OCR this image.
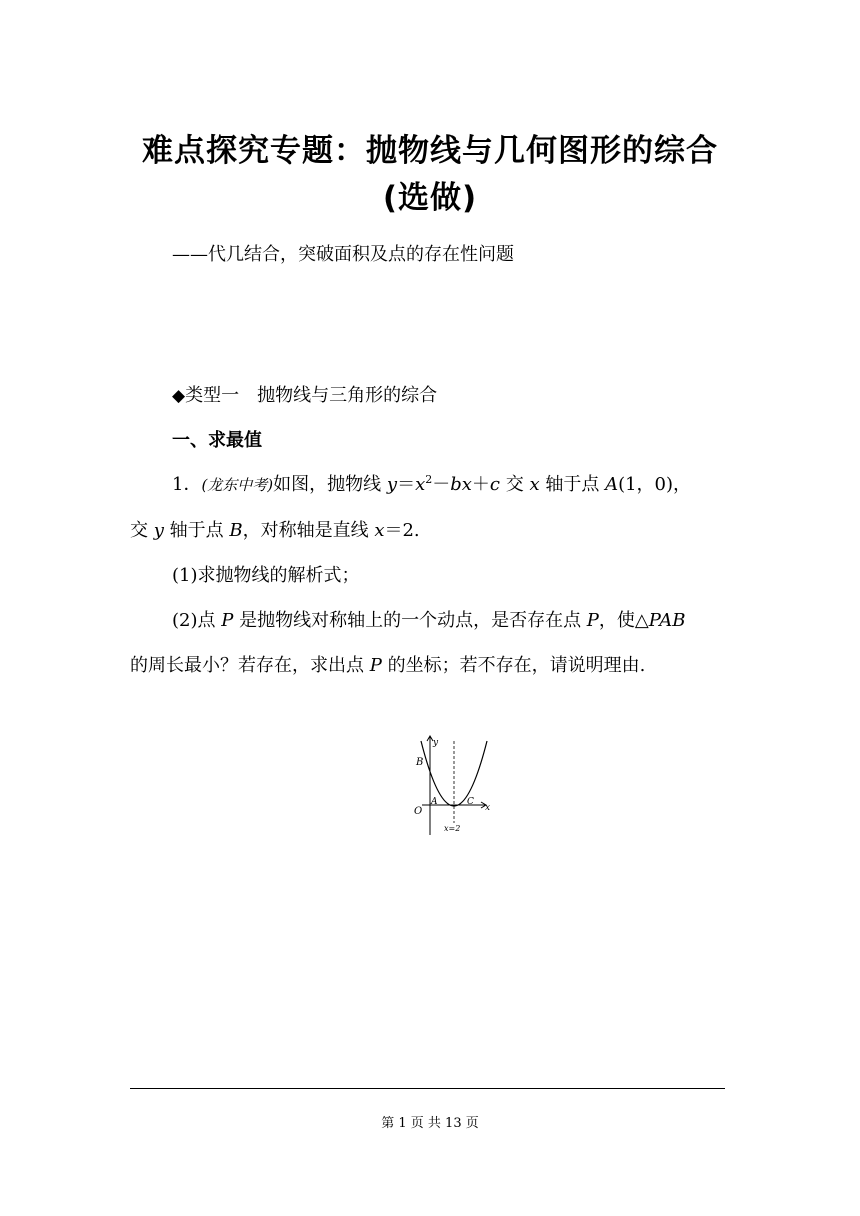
难点探究专题：抛物线与几何图形的综合
(选做)
——代几结合，突破面积及点的存在性问题
◆类型一　抛物线与三角形的综合
一、求最值
1．(龙东中考)如图，抛物线 $y=x^2-bx+c$ 交 x 轴于点 A(1，0)，
交 y 轴于点 B，对称轴是直线 x＝2.
(1)求抛物线的解析式；
(2)点 P 是抛物线对称轴上的一个动点，是否存在点 P，使△PAB
的周长最小？若存在，求出点 P 的坐标；若不存在，请说明理由.
y
x
B
O
A	C
x=2
第 1 页 共 13 页
